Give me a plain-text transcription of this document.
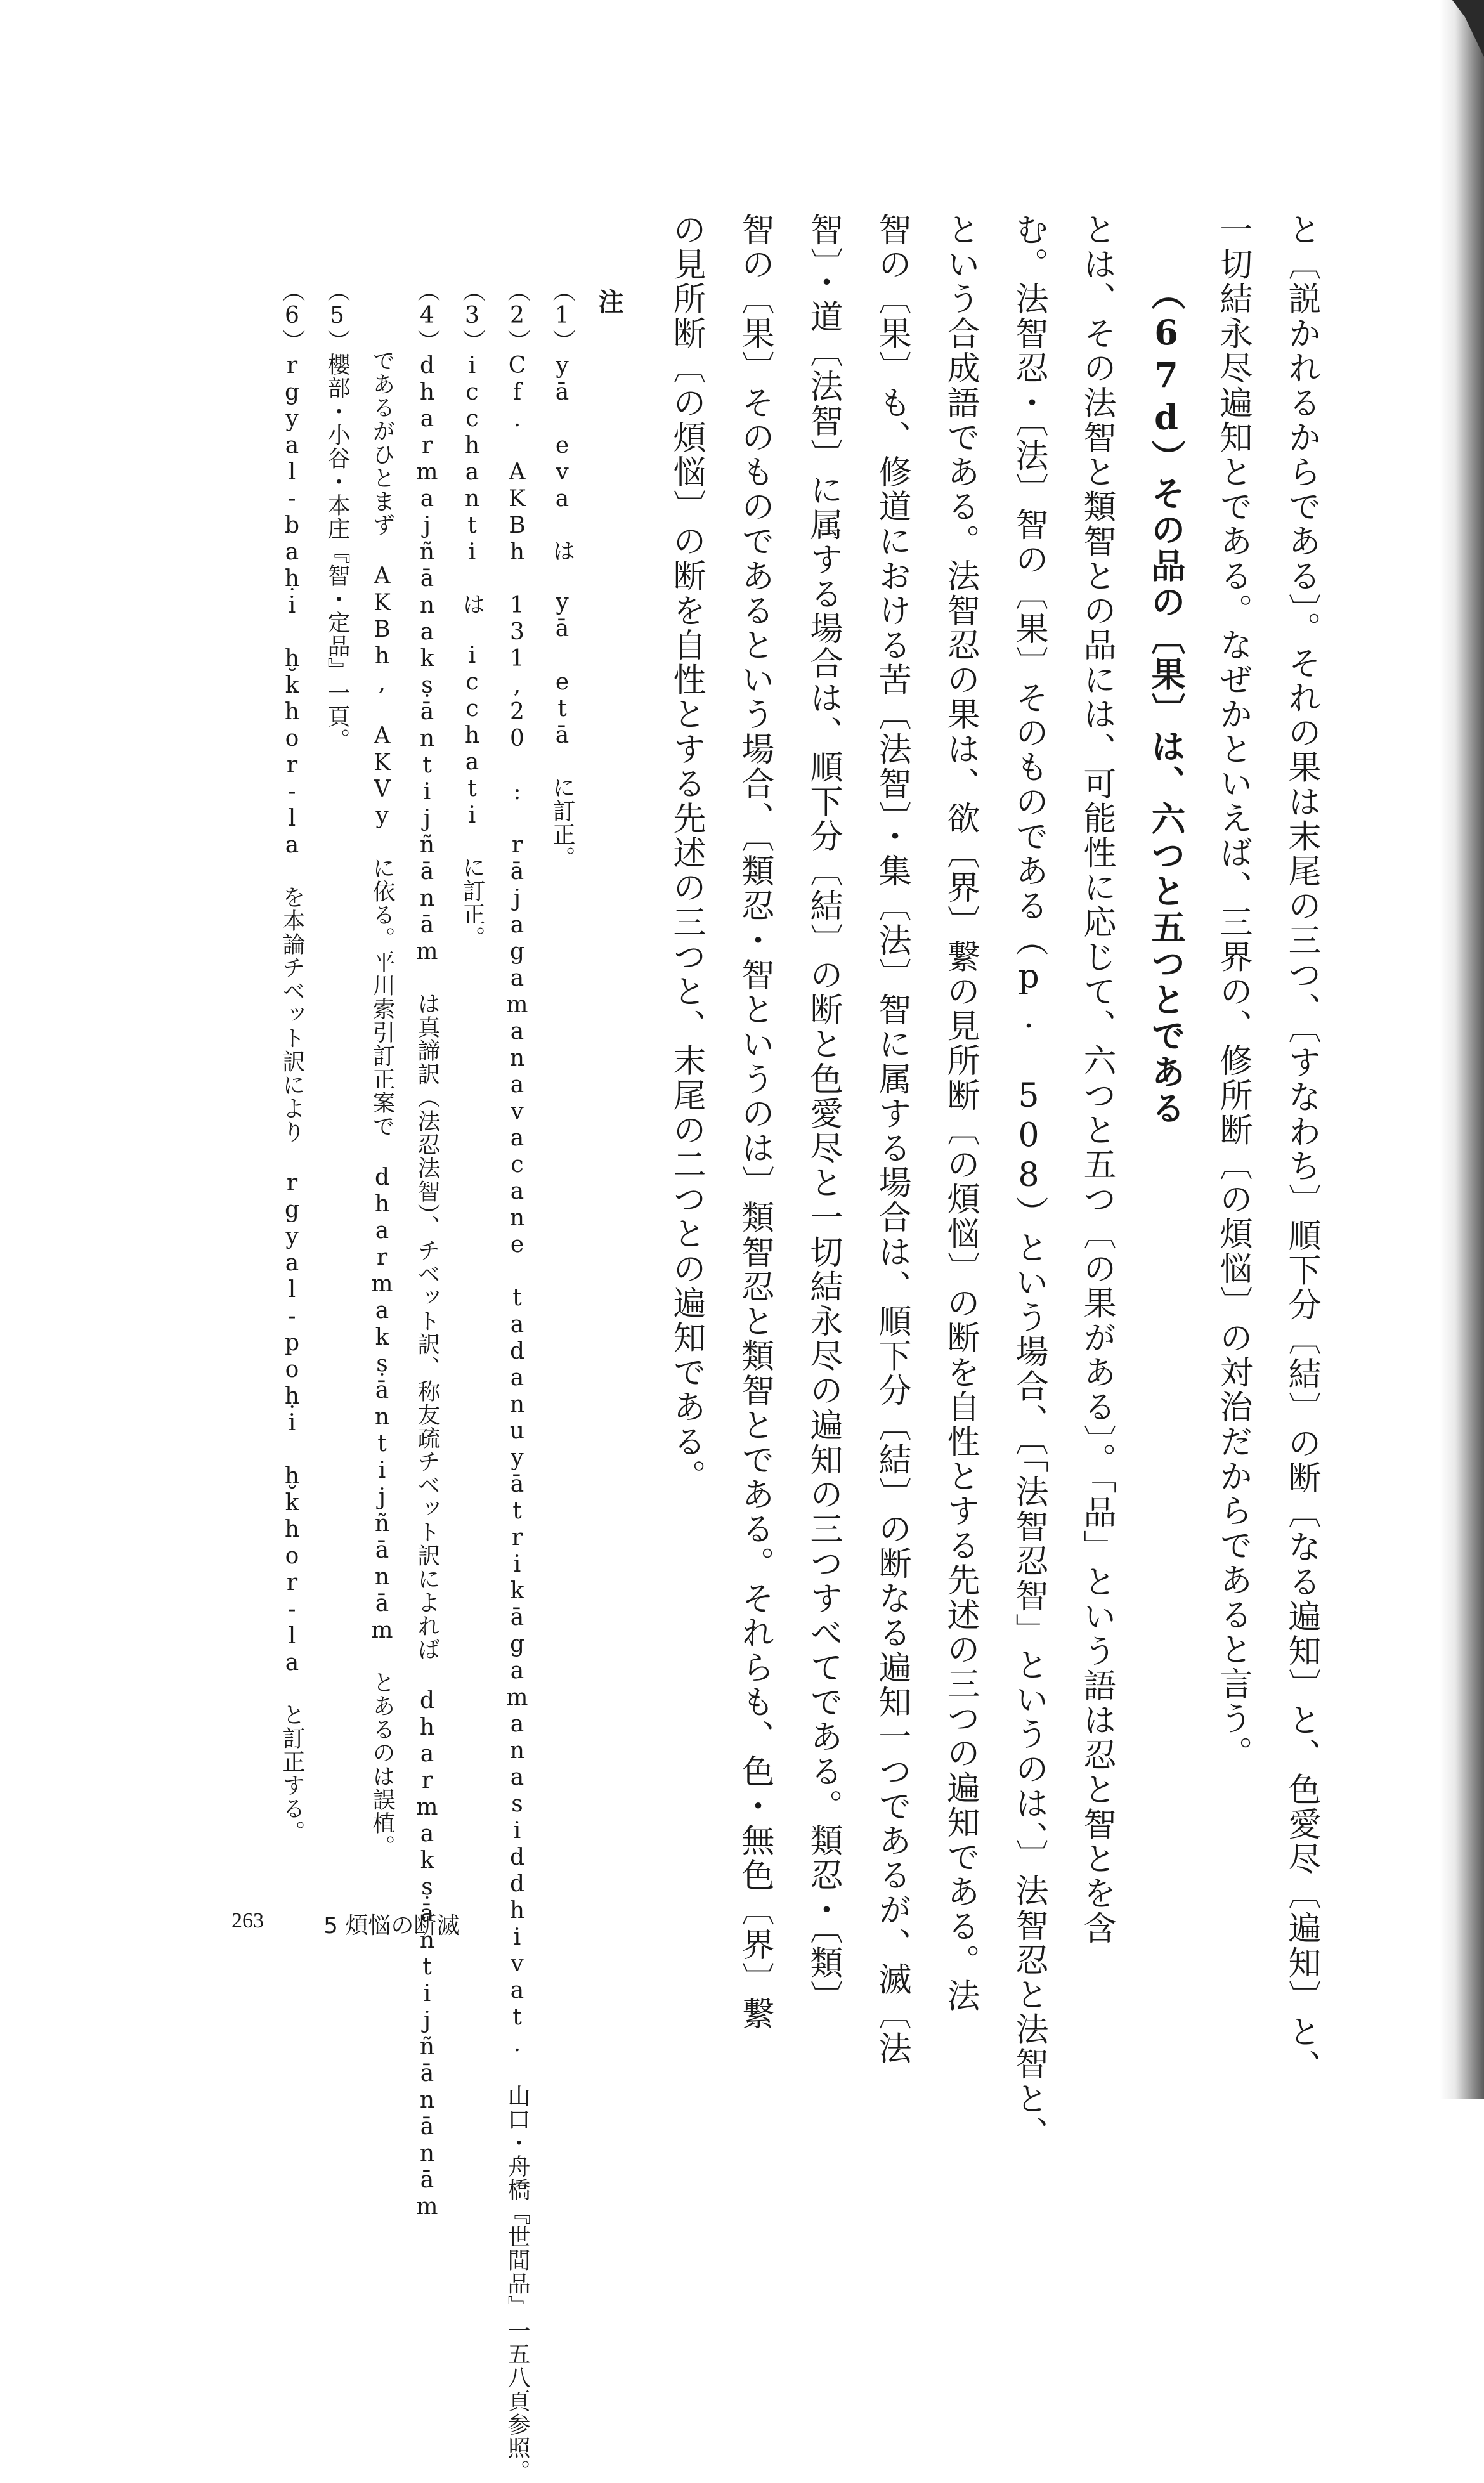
と〔説かれるからである〕。それの果は末尾の三つ、〔すなわち〕順下分〔結〕の断〔なる遍知〕と、色愛尽〔遍知〕と、
一切結永尽遍知とである。なぜかといえば、三界の、修所断〔の煩悩〕の対治だからであると言う。
（67d）その品の〔果〕は、六つと五つとである
とは、その法智と類智との品には、可能性に応じて、六つと五つ〔の果がある〕。「品」という語は忍と智とを含
む。法智忍・〔法〕智の〔果〕そのものである（p. 508）という場合、〔「法智忍智」というのは、〕法智忍と法智と、
という合成語である。法智忍の果は、欲〔界〕繋の見所断〔の煩悩〕の断を自性とする先述の三つの遍知である。法
智の〔果〕も、修道における苦〔法智〕・集〔法〕智に属する場合は、順下分〔結〕の断なる遍知一つであるが、滅〔法
智〕・道〔法智〕に属する場合は、順下分〔結〕の断と色愛尽と一切結永尽の遍知の三つすべてである。類忍・〔類〕
智の〔果〕そのものであるという場合、〔類忍・智というのは〕類智忍と類智とである。それらも、色・無色〔界〕繋
の見所断〔の煩悩〕の断を自性とする先述の三つと、末尾の二つとの遍知である。
注
（1）yā eva は yā etā に訂正。
（2）Cf. AKBh 131,20 : rājagamanavacane tadanuyātrikāgamanasiddhivat. 山口・舟橋『世間品』一五八頁参照。
（3）icchanti は icchati に訂正。
（4）dharmajñānakṣāntijñānām は真諦訳（法忍法智）、チベット訳、称友疏チベット訳によれば dharmakṣāntijñānānām
であるがひとまず AKBh, AKVy に依る。平川索引訂正案で dharmakṣāntijñānām とあるのは誤植。
（5）櫻部・小谷・本庄『智・定品』一頁。
（6）rgyal-baḥi ḫkhor-la を本論チベット訳により rgyal-poḥi ḫkhor-la と訂正する。
263	5 煩悩の断滅
